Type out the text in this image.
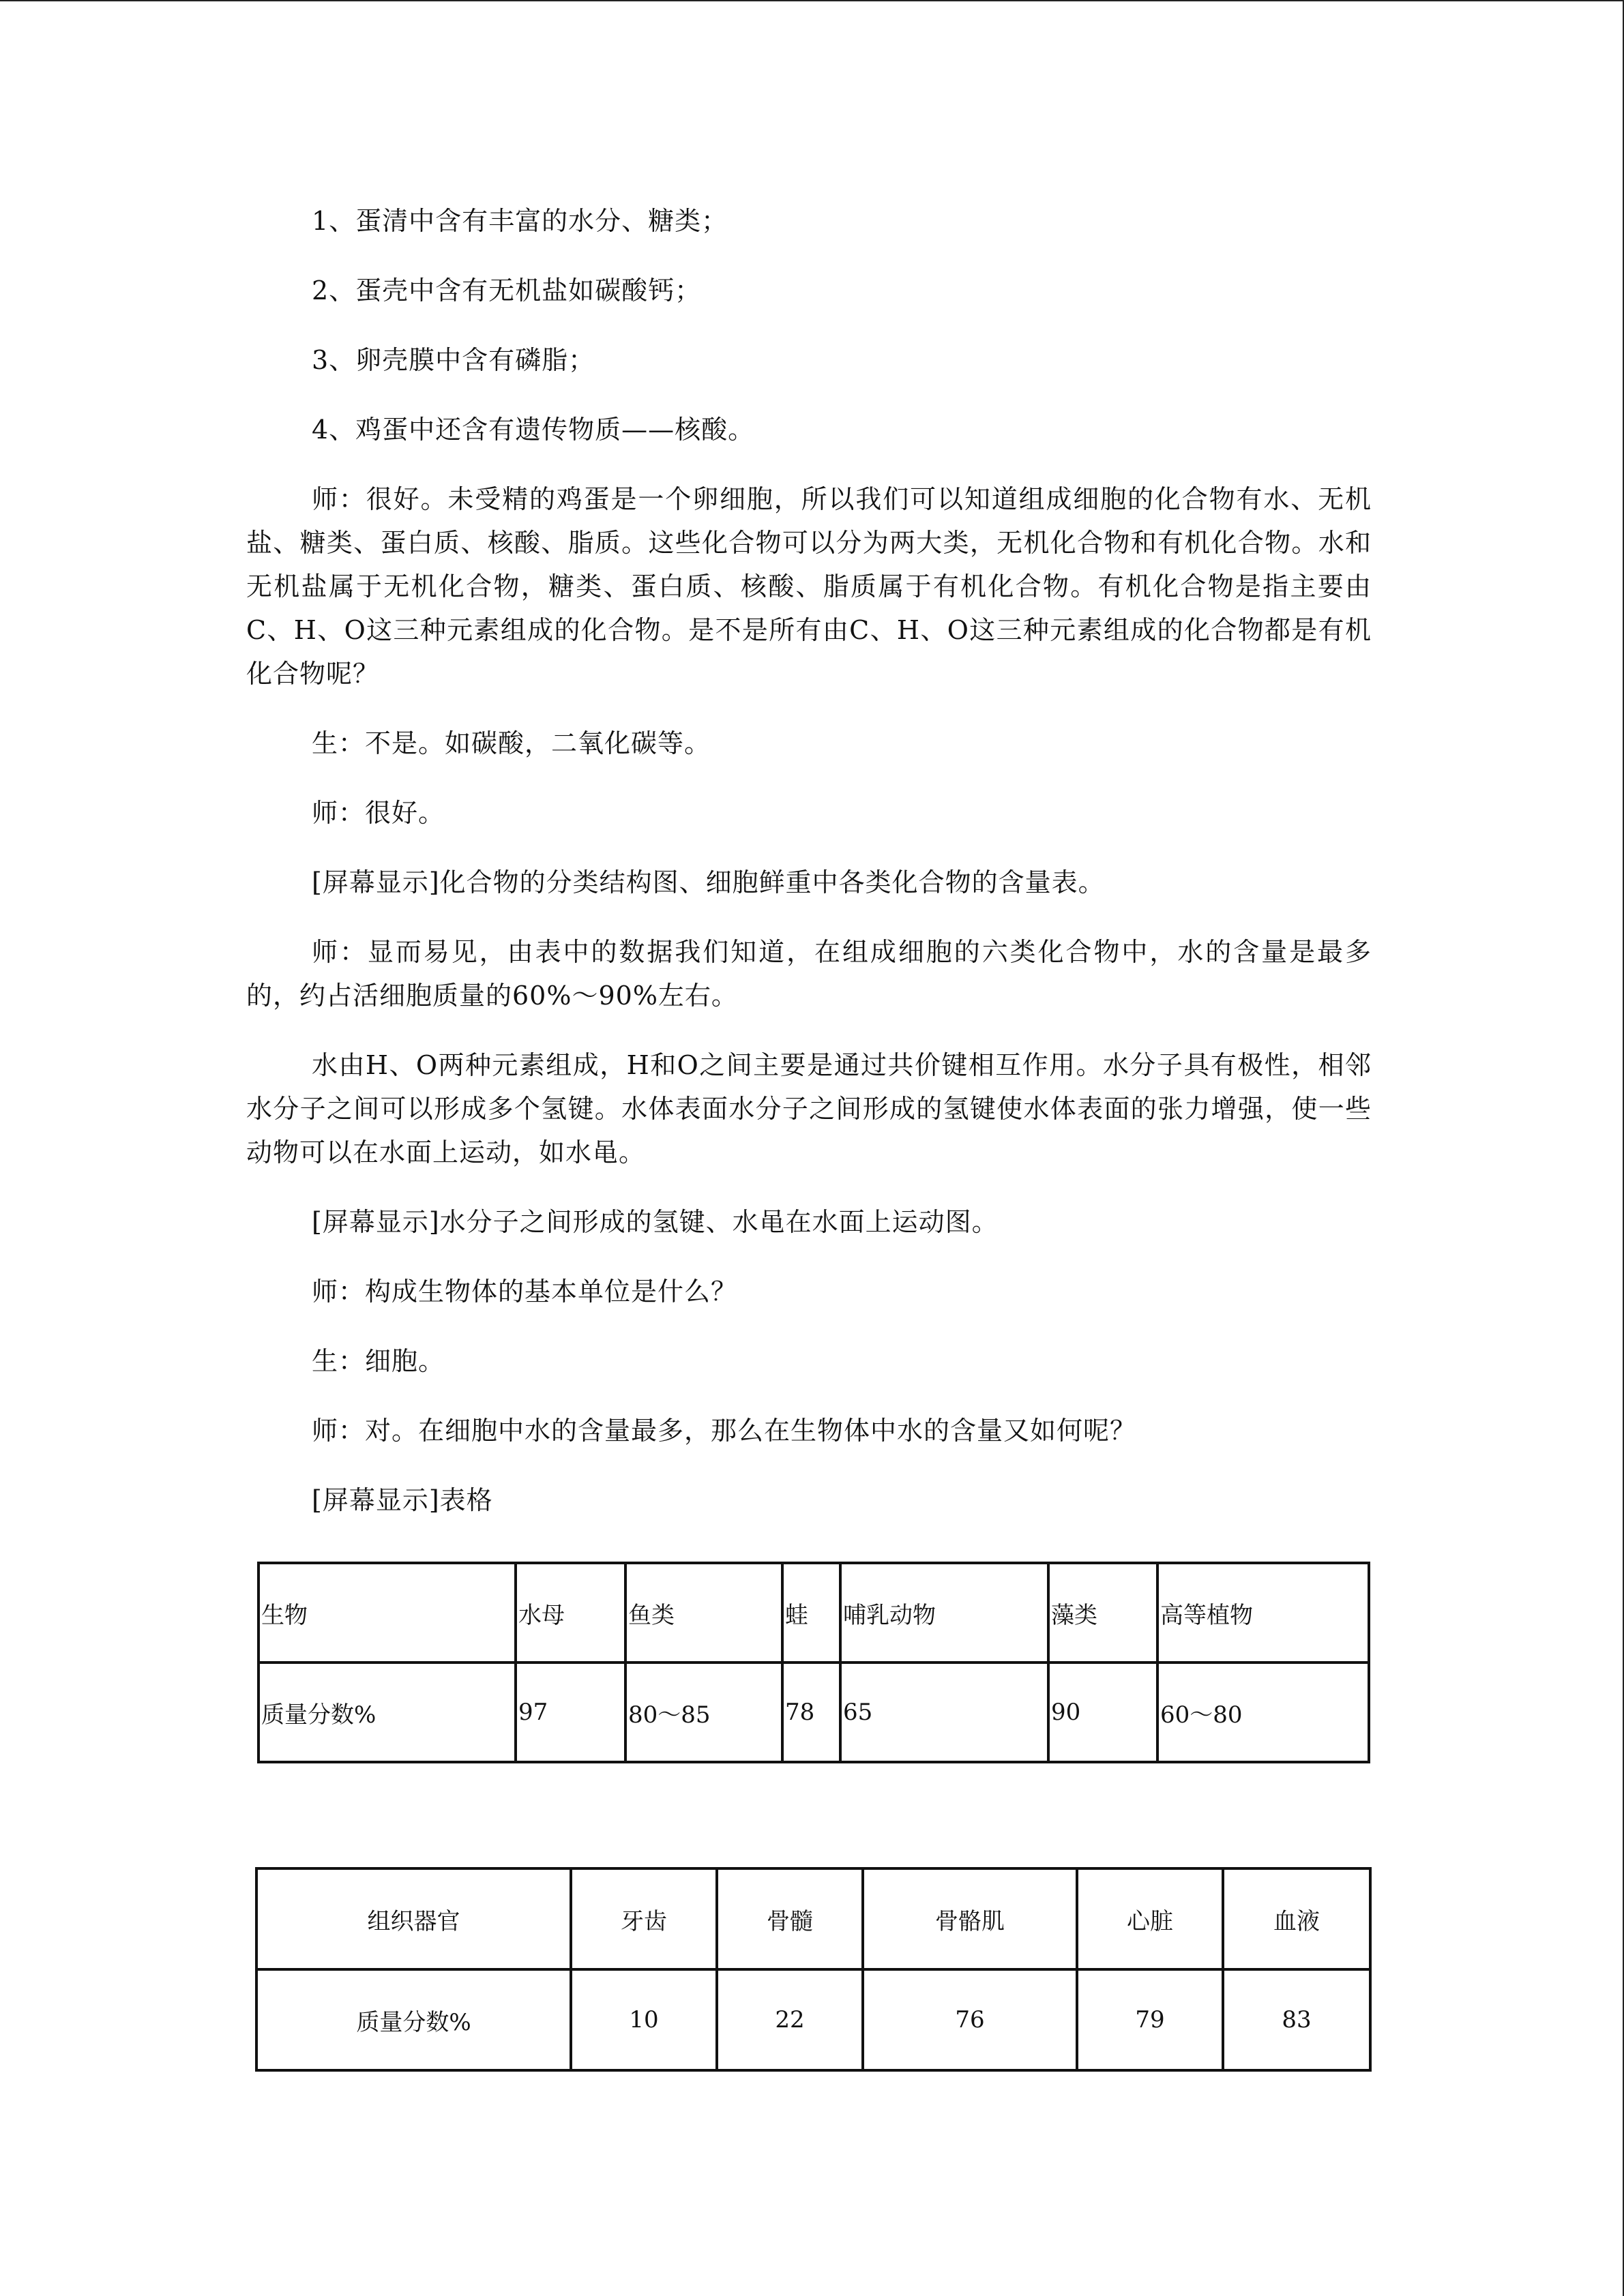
1、蛋清中含有丰富的水分、糖类；

2、蛋壳中含有无机盐如碳酸钙；

3、卵壳膜中含有磷脂；

4、鸡蛋中还含有遗传物质——核酸。

师：很好。未受精的鸡蛋是一个卵细胞，所以我们可以知道组成细胞的化合物有水、无机盐、糖类、蛋白质、核酸、脂质。这些化合物可以分为两大类，无机化合物和有机化合物。水和无机盐属于无机化合物，糖类、蛋白质、核酸、脂质属于有机化合物。有机化合物是指主要由C、H、O这三种元素组成的化合物。是不是所有由C、H、O这三种元素组成的化合物都是有机化合物呢？

生：不是。如碳酸，二氧化碳等。

师：很好。

[屏幕显示]化合物的分类结构图、细胞鲜重中各类化合物的含量表。

师：显而易见，由表中的数据我们知道，在组成细胞的六类化合物中，水的含量是最多的，约占活细胞质量的60%～90%左右。

水由H、O两种元素组成，H和O之间主要是通过共价键相互作用。水分子具有极性，相邻水分子之间可以形成多个氢键。水体表面水分子之间形成的氢键使水体表面的张力增强，使一些动物可以在水面上运动，如水黾。

[屏幕显示]水分子之间形成的氢键、水黾在水面上运动图。

师：构成生物体的基本单位是什么？

生：细胞。

师：对。在细胞中水的含量最多，那么在生物体中水的含量又如何呢？

[屏幕显示]表格

生物	水母	鱼类	蛙	哺乳动物	藻类	高等植物
质量分数%	97	80～85	78	65	90	60～80
组织器官	牙齿	骨髓	骨骼肌	心脏	血液
质量分数%	10	22	76	79	83
